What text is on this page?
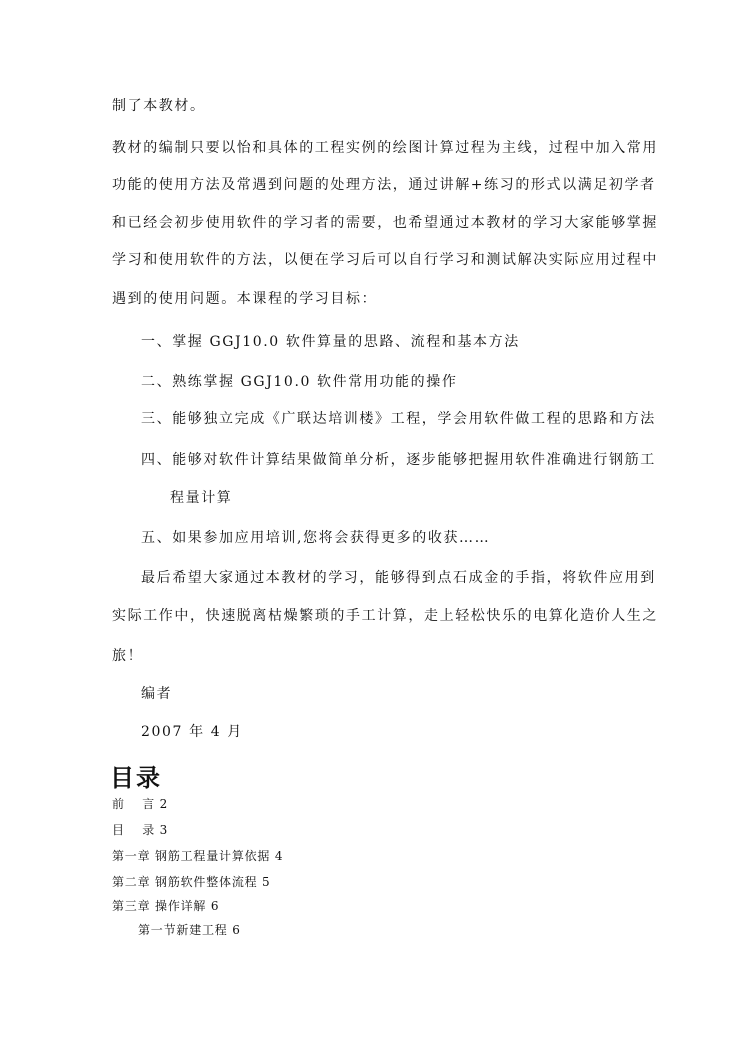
制了本教材。
教材的编制只要以怡和具体的工程实例的绘图计算过程为主线，过程中加入常用
功能的使用方法及常遇到问题的处理方法，通过讲解+练习的形式以满足初学者
和已经会初步使用软件的学习者的需要，也希望通过本教材的学习大家能够掌握
学习和使用软件的方法，以便在学习后可以自行学习和测试解决实际应用过程中
遇到的使用问题。本课程的学习目标：
一、掌握 GGJ10.0 软件算量的思路、流程和基本方法
二、熟练掌握 GGJ10.0 软件常用功能的操作
三、能够独立完成《广联达培训楼》工程，学会用软件做工程的思路和方法
四、能够对软件计算结果做简单分析，逐步能够把握用软件准确进行钢筋工
程量计算
五、如果参加应用培训,您将会获得更多的收获……
最后希望大家通过本教材的学习，能够得到点石成金的手指，将软件应用到
实际工作中，快速脱离枯燥繁琐的手工计算，走上轻松快乐的电算化造价人生之
旅！
编者
2007 年 4 月
目录
前　 言 2
目　 录 3
第一章 钢筋工程量计算依据 4
第二章 钢筋软件整体流程 5
第三章 操作详解 6
第一节新建工程 6
